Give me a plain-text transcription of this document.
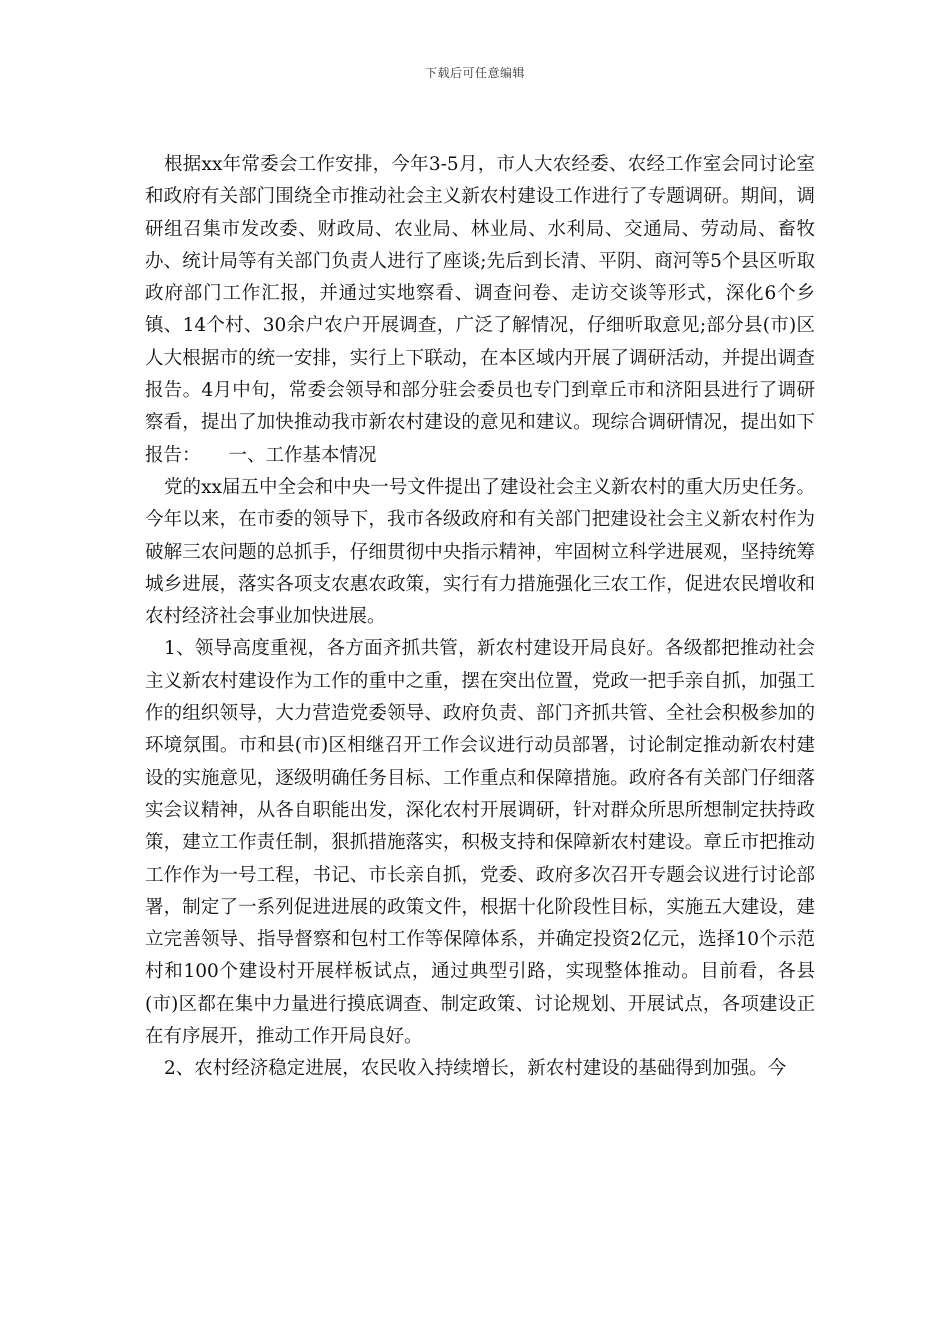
下载后可任意编辑

根据xx年常委会工作安排，今年3-5月，市人大农经委、农经工作室会同讨论室和政府有关部门围绕全市推动社会主义新农村建设工作进行了专题调研。期间，调研组召集市发改委、财政局、农业局、林业局、水利局、交通局、劳动局、畜牧办、统计局等有关部门负责人进行了座谈;先后到长清、平阴、商河等5个县区听取政府部门工作汇报，并通过实地察看、调查问卷、走访交谈等形式，深化6个乡镇、14个村、30余户农户开展调查，广泛了解情况，仔细听取意见;部分县(市)区人大根据市的统一安排，实行上下联动，在本区域内开展了调研活动，并提出调查报告。4月中旬，常委会领导和部分驻会委员也专门到章丘市和济阳县进行了调研察看，提出了加快推动我市新农村建设的意见和建议。现综合调研情况，提出如下报告： 一、工作基本情况

党的xx届五中全会和中央一号文件提出了建设社会主义新农村的重大历史任务。今年以来，在市委的领导下，我市各级政府和有关部门把建设社会主义新农村作为破解三农问题的总抓手，仔细贯彻中央指示精神，牢固树立科学进展观，坚持统筹城乡进展，落实各项支农惠农政策，实行有力措施强化三农工作，促进农民增收和农村经济社会事业加快进展。

1、领导高度重视，各方面齐抓共管，新农村建设开局良好。各级都把推动社会主义新农村建设作为工作的重中之重，摆在突出位置，党政一把手亲自抓，加强工作的组织领导，大力营造党委领导、政府负责、部门齐抓共管、全社会积极参加的环境氛围。市和县(市)区相继召开工作会议进行动员部署，讨论制定推动新农村建设的实施意见，逐级明确任务目标、工作重点和保障措施。政府各有关部门仔细落实会议精神，从各自职能出发，深化农村开展调研，针对群众所思所想制定扶持政策，建立工作责任制，狠抓措施落实，积极支持和保障新农村建设。章丘市把推动工作作为一号工程，书记、市长亲自抓，党委、政府多次召开专题会议进行讨论部署，制定了一系列促进进展的政策文件，根据十化阶段性目标，实施五大建设，建立完善领导、指导督察和包村工作等保障体系，并确定投资2亿元，选择10个示范村和100个建设村开展样板试点，通过典型引路，实现整体推动。目前看，各县(市)区都在集中力量进行摸底调查、制定政策、讨论规划、开展试点，各项建设正在有序展开，推动工作开局良好。

2、农村经济稳定进展，农民收入持续增长，新农村建设的基础得到加强。今
